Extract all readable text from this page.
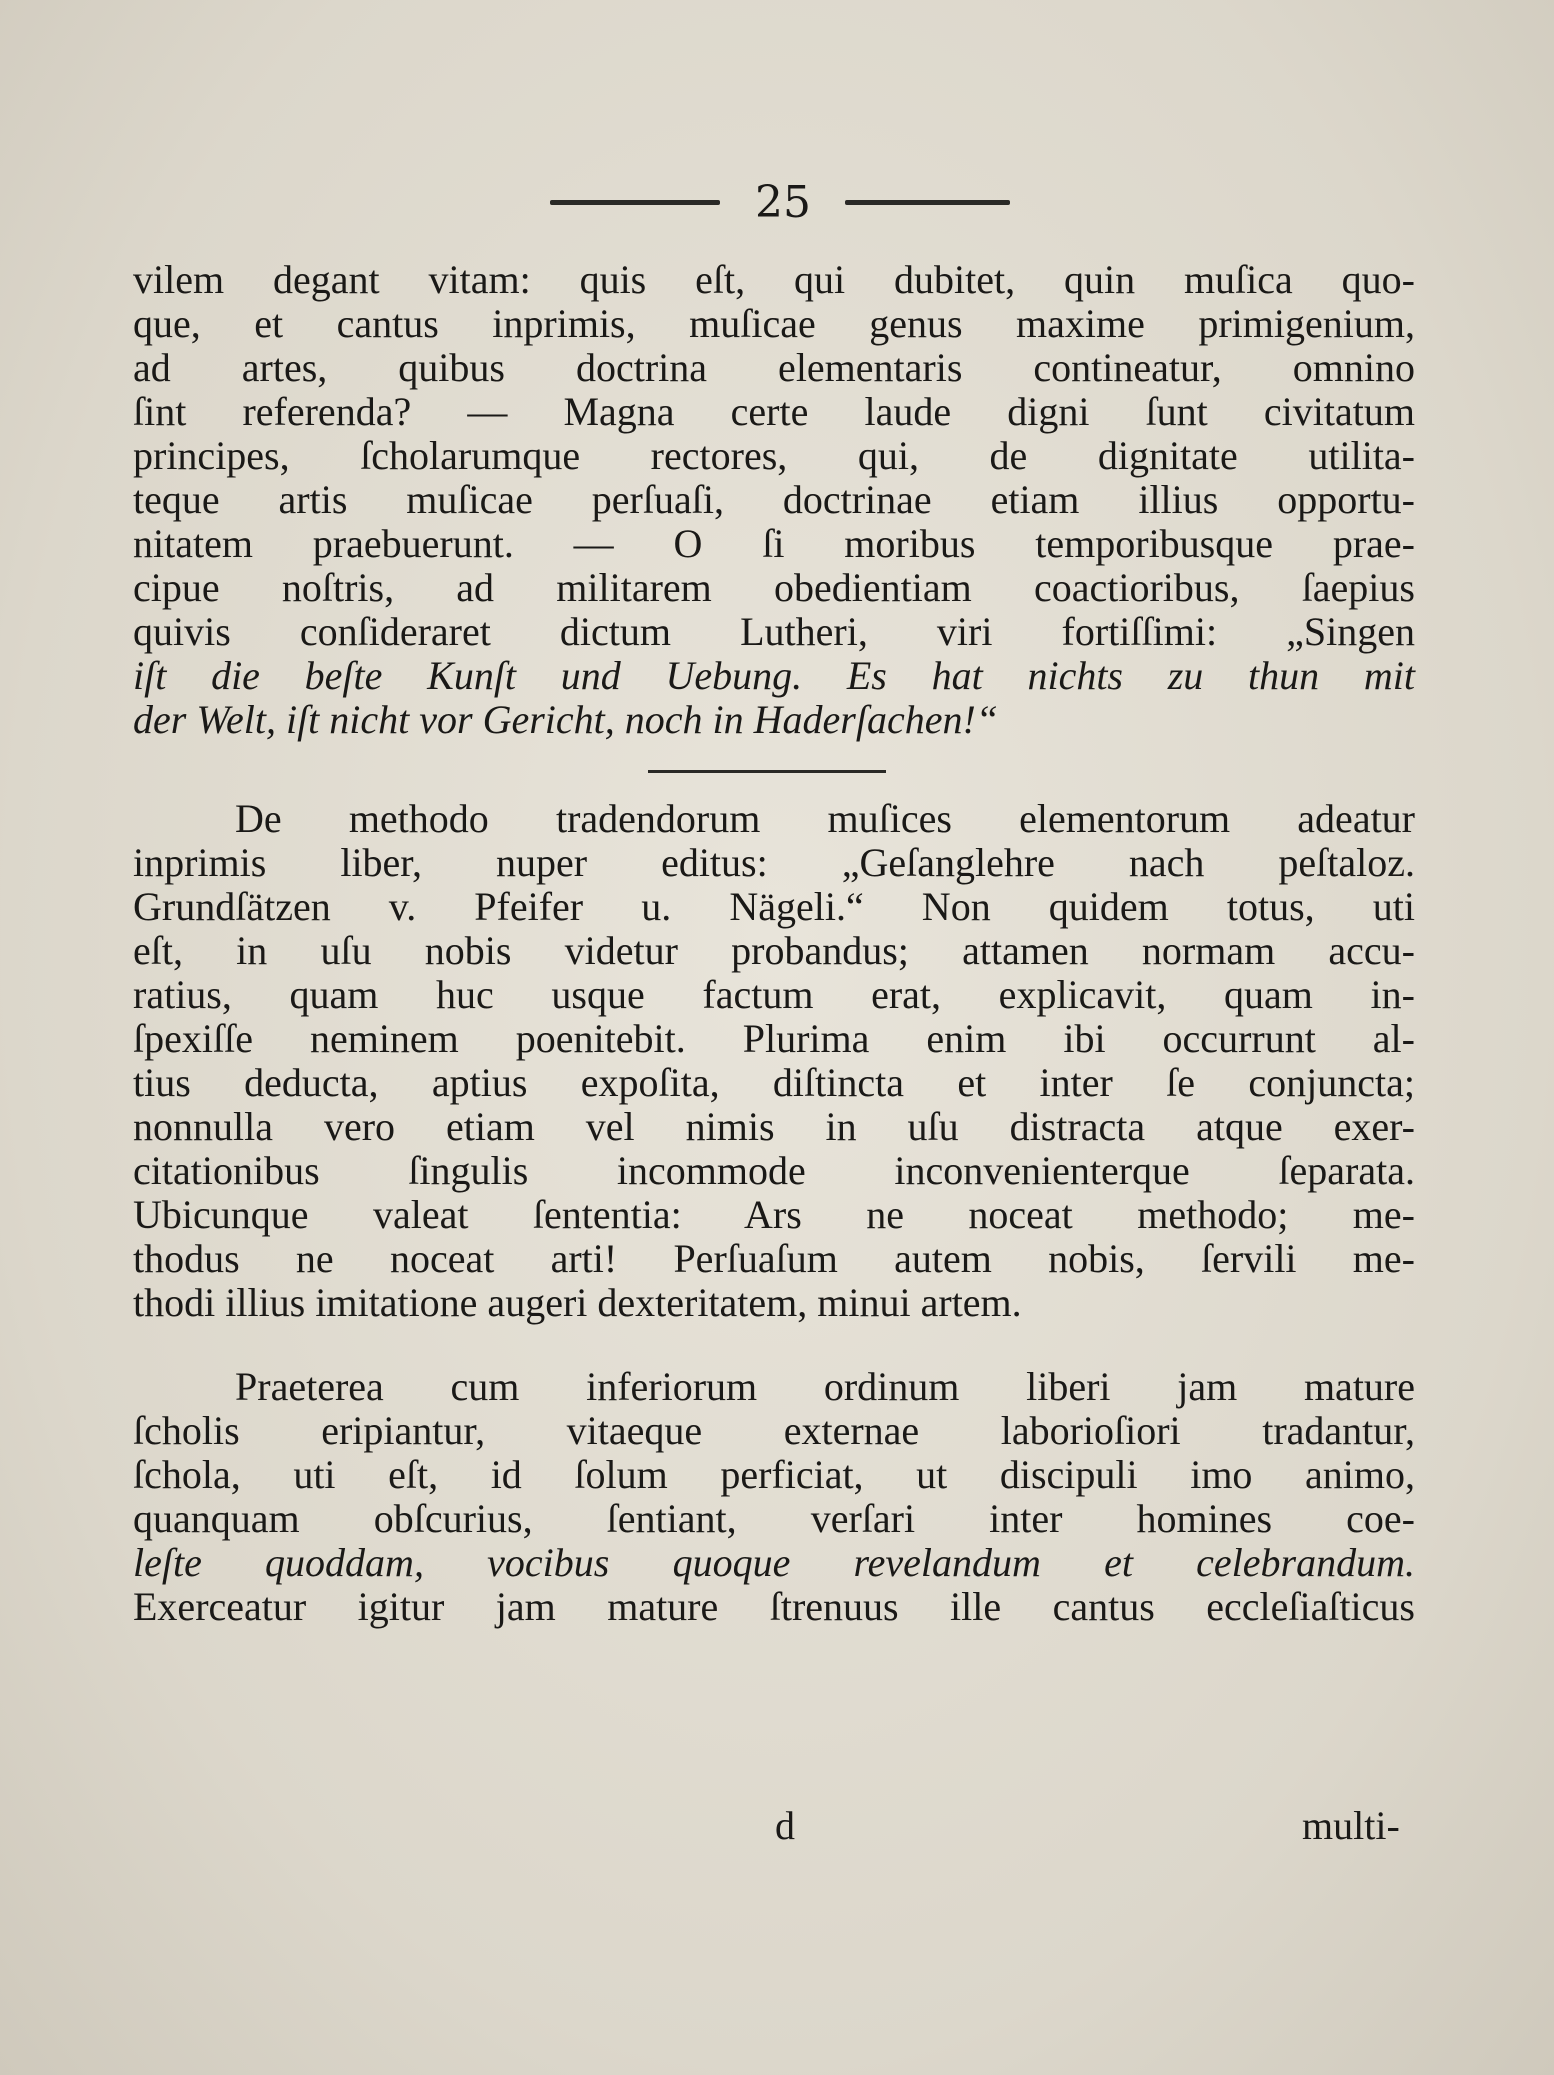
25
vilem degant vitam: quis eſt, qui dubitet, quin muſica quo-
que, et cantus inprimis, muſicae genus maxime primigenium,
ad artes, quibus doctrina elementaris contineatur, omnino
ſint referenda? — Magna certe laude digni ſunt civitatum
principes, ſcholarumque rectores, qui, de dignitate utilita-
teque artis muſicae perſuaſi, doctrinae etiam illius opportu-
nitatem praebuerunt. — O ſi moribus temporibusque prae-
cipue noſtris, ad militarem obedientiam coactioribus, ſaepius
quivis conſideraret dictum Lutheri, viri fortiſſimi: „Singen
iſt die beſte Kunſt und Uebung. Es hat nichts zu thun mit
der Welt, iſt nicht vor Gericht, noch in Haderſachen!“
De methodo tradendorum muſices elementorum adeatur
inprimis liber, nuper editus: „Geſanglehre nach peſtaloz.
Grundſätzen v. Pfeifer u. Nägeli.“ Non quidem totus, uti
eſt, in uſu nobis videtur probandus; attamen normam accu-
ratius, quam huc usque factum erat, explicavit, quam in-
ſpexiſſe neminem poenitebit. Plurima enim ibi occurrunt al-
tius deducta, aptius expoſita, diſtincta et inter ſe conjuncta;
nonnulla vero etiam vel nimis in uſu distracta atque exer-
citationibus ſingulis incommode inconvenienterque ſeparata.
Ubicunque valeat ſententia: Ars ne noceat methodo; me-
thodus ne noceat arti! Perſuaſum autem nobis, ſervili me-
thodi illius imitatione augeri dexteritatem, minui artem.
Praeterea cum inferiorum ordinum liberi jam mature
ſcholis eripiantur, vitaeque externae laborioſiori tradantur,
ſchola, uti eſt, id ſolum perficiat, ut discipuli imo animo,
quanquam obſcurius, ſentiant, verſari inter homines coe-
leſte quoddam, vocibus quoque revelandum et celebrandum.
Exerceatur igitur jam mature ſtrenuus ille cantus eccleſiaſticus
d	multi-
